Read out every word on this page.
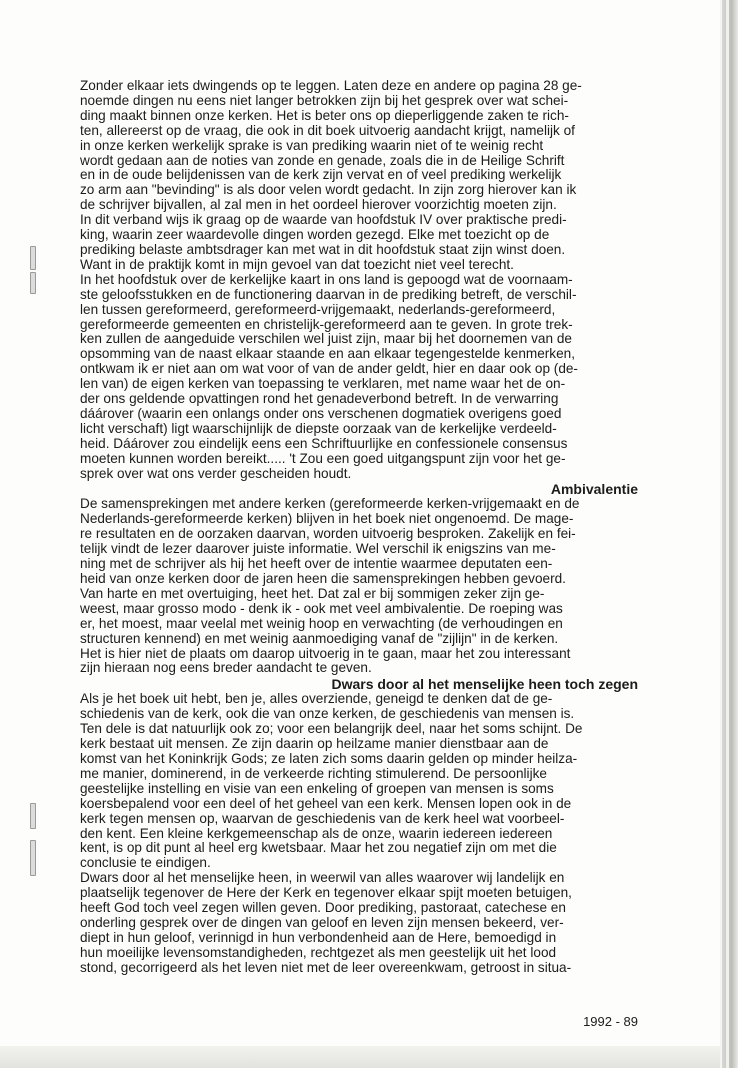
Zonder elkaar iets dwingends op te leggen. Laten deze en andere op pagina 28 ge-
noemde dingen nu eens niet langer betrokken zijn bij het gesprek over wat schei-
ding maakt binnen onze kerken. Het is beter ons op dieperliggende zaken te rich-
ten, allereerst op de vraag, die ook in dit boek uitvoerig aandacht krijgt, namelijk of
in onze kerken werkelijk sprake is van prediking waarin niet of te weinig recht
wordt gedaan aan de noties van zonde en genade, zoals die in de Heilige Schrift
en in de oude belijdenissen van de kerk zijn vervat en of veel prediking werkelijk
zo arm aan "bevinding" is als door velen wordt gedacht. In zijn zorg hierover kan ik
de schrijver bijvallen, al zal men in het oordeel hierover voorzichtig moeten zijn.

In dit verband wijs ik graag op de waarde van hoofdstuk IV over praktische predi-
king, waarin zeer waardevolle dingen worden gezegd. Elke met toezicht op de
prediking belaste ambtsdrager kan met wat in dit hoofdstuk staat zijn winst doen.
Want in de praktijk komt in mijn gevoel van dat toezicht niet veel terecht.

In het hoofdstuk over de kerkelijke kaart in ons land is gepoogd wat de voornaam-
ste geloofsstukken en de functionering daarvan in de prediking betreft, de verschil-
len tussen gereformeerd, gereformeerd-vrijgemaakt, nederlands-gereformeerd,
gereformeerde gemeenten en christelijk-gereformeerd aan te geven. In grote trek-
ken zullen de aangeduide verschilen wel juist zijn, maar bij het doornemen van de
opsomming van de naast elkaar staande en aan elkaar tegengestelde kenmerken,
ontkwam ik er niet aan om wat voor of van de ander geldt, hier en daar ook op (de-
len van) de eigen kerken van toepassing te verklaren, met name waar het de on-
der ons geldende opvattingen rond het genadeverbond betreft. In de verwarring
dáárover (waarin een onlangs onder ons verschenen dogmatiek overigens goed
licht verschaft) ligt waarschijnlijk de diepste oorzaak van de kerkelijke verdeeld-
heid. Dáárover zou eindelijk eens een Schriftuurlijke en confessionele consensus
moeten kunnen worden bereikt..... 't Zou een goed uitgangspunt zijn voor het ge-
sprek over wat ons verder gescheiden houdt.

Ambivalentie

De samensprekingen met andere kerken (gereformeerde kerken-vrijgemaakt en de
Nederlands-gereformeerde kerken) blijven in het boek niet ongenoemd. De mage-
re resultaten en de oorzaken daarvan, worden uitvoerig besproken. Zakelijk en fei-
telijk vindt de lezer daarover juiste informatie. Wel verschil ik enigszins van me-
ning met de schrijver als hij het heeft over de intentie waarmee deputaten een-
heid van onze kerken door de jaren heen die samensprekingen hebben gevoerd.
Van harte en met overtuiging, heet het. Dat zal er bij sommigen zeker zijn ge-
weest, maar grosso modo - denk ik - ook met veel ambivalentie. De roeping was
er, het moest, maar veelal met weinig hoop en verwachting (de verhoudingen en
structuren kennend) en met weinig aanmoediging vanaf de "zijlijn" in de kerken.
Het is hier niet de plaats om daarop uitvoerig in te gaan, maar het zou interessant
zijn hieraan nog eens breder aandacht te geven.

Dwars door al het menselijke heen toch zegen

Als je het boek uit hebt, ben je, alles overziende, geneigd te denken dat de ge-
schiedenis van de kerk, ook die van onze kerken, de geschiedenis van mensen is.
Ten dele is dat natuurlijk ook zo; voor een belangrijk deel, naar het soms schijnt. De
kerk bestaat uit mensen. Ze zijn daarin op heilzame manier dienstbaar aan de
komst van het Koninkrijk Gods; ze laten zich soms daarin gelden op minder heilza-
me manier, dominerend, in de verkeerde richting stimulerend. De persoonlijke
geestelijke instelling en visie van een enkeling of groepen van mensen is soms
koersbepalend voor een deel of het geheel van een kerk. Mensen lopen ook in de
kerk tegen mensen op, waarvan de geschiedenis van de kerk heel wat voorbeel-
den kent. Een kleine kerkgemeenschap als de onze, waarin iedereen iedereen
kent, is op dit punt al heel erg kwetsbaar. Maar het zou negatief zijn om met die
conclusie te eindigen.

Dwars door al het menselijke heen, in weerwil van alles waarover wij landelijk en
plaatselijk tegenover de Here der Kerk en tegenover elkaar spijt moeten betuigen,
heeft God toch veel zegen willen geven. Door prediking, pastoraat, catechese en
onderling gesprek over de dingen van geloof en leven zijn mensen bekeerd, ver-
diept in hun geloof, verinnigd in hun verbondenheid aan de Here, bemoedigd in
hun moeilijke levensomstandigheden, rechtgezet als men geestelijk uit het lood
stond, gecorrigeerd als het leven niet met de leer overeenkwam, getroost in situa-

1992 - 89
